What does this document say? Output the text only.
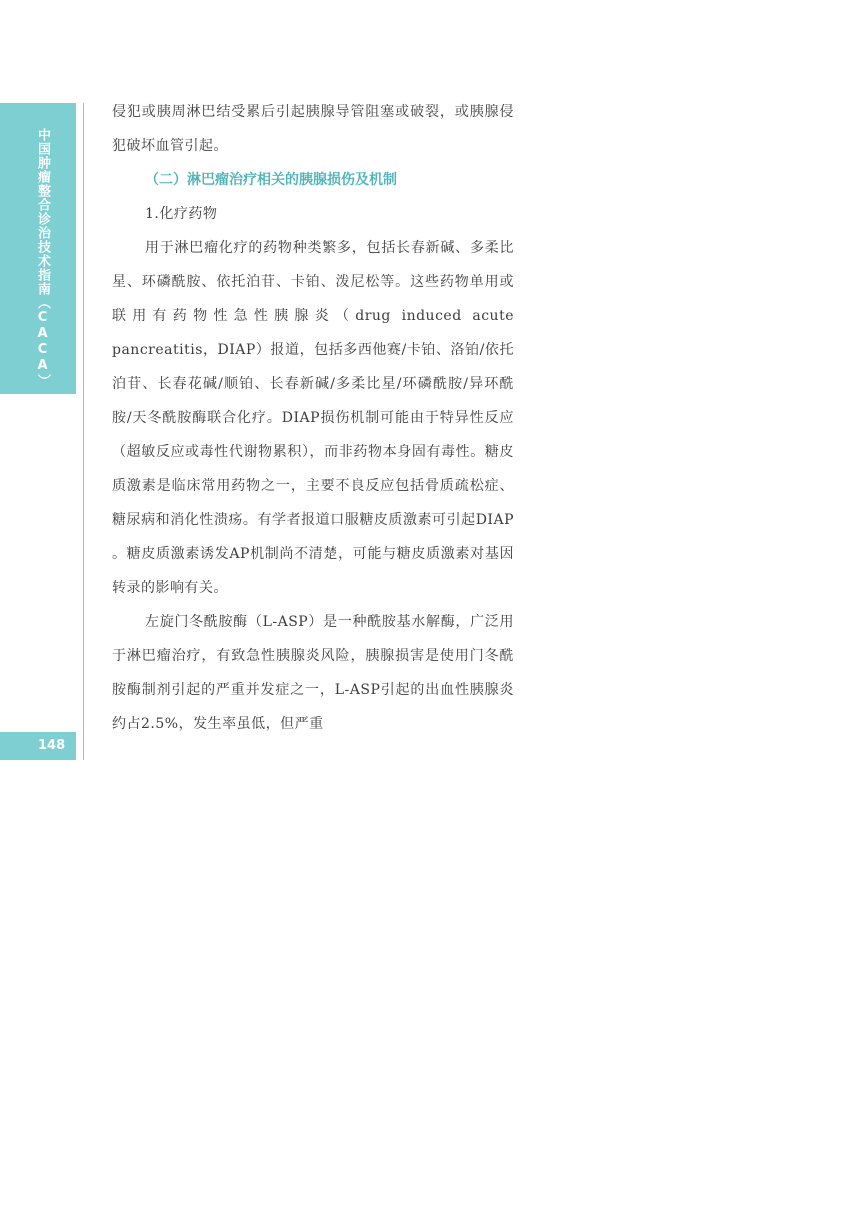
中国肿瘤整合诊治技术指南（CACA）
148

侵犯或胰周淋巴结受累后引起胰腺导管阻塞或破裂，或胰腺侵犯破坏血管引起。

（二）淋巴瘤治疗相关的胰腺损伤及机制

1.化疗药物

用于淋巴瘤化疗的药物种类繁多，包括长春新碱、多柔比星、环磷酰胺、依托泊苷、卡铂、泼尼松等。这些药物单用或联用有药物性急性胰腺炎（drug induced acute pancreatitis，DIAP）报道，包括多西他赛/卡铂、洛铂/依托泊苷、长春花碱/顺铂、长春新碱/多柔比星/环磷酰胺/异环酰胺/天冬酰胺酶联合化疗。DIAP损伤机制可能由于特异性反应（超敏反应或毒性代谢物累积），而非药物本身固有毒性。糖皮质激素是临床常用药物之一，主要不良反应包括骨质疏松症、糖尿病和消化性溃疡。有学者报道口服糖皮质激素可引起DIAP 。糖皮质激素诱发AP机制尚不清楚，可能与糖皮质激素对基因转录的影响有关。

左旋门冬酰胺酶（L-ASP）是一种酰胺基水解酶，广泛用于淋巴瘤治疗，有致急性胰腺炎风险，胰腺损害是使用门冬酰胺酶制剂引起的严重并发症之一，L-ASP引起的出血性胰腺炎约占2.5%，发生率虽低，但严重
